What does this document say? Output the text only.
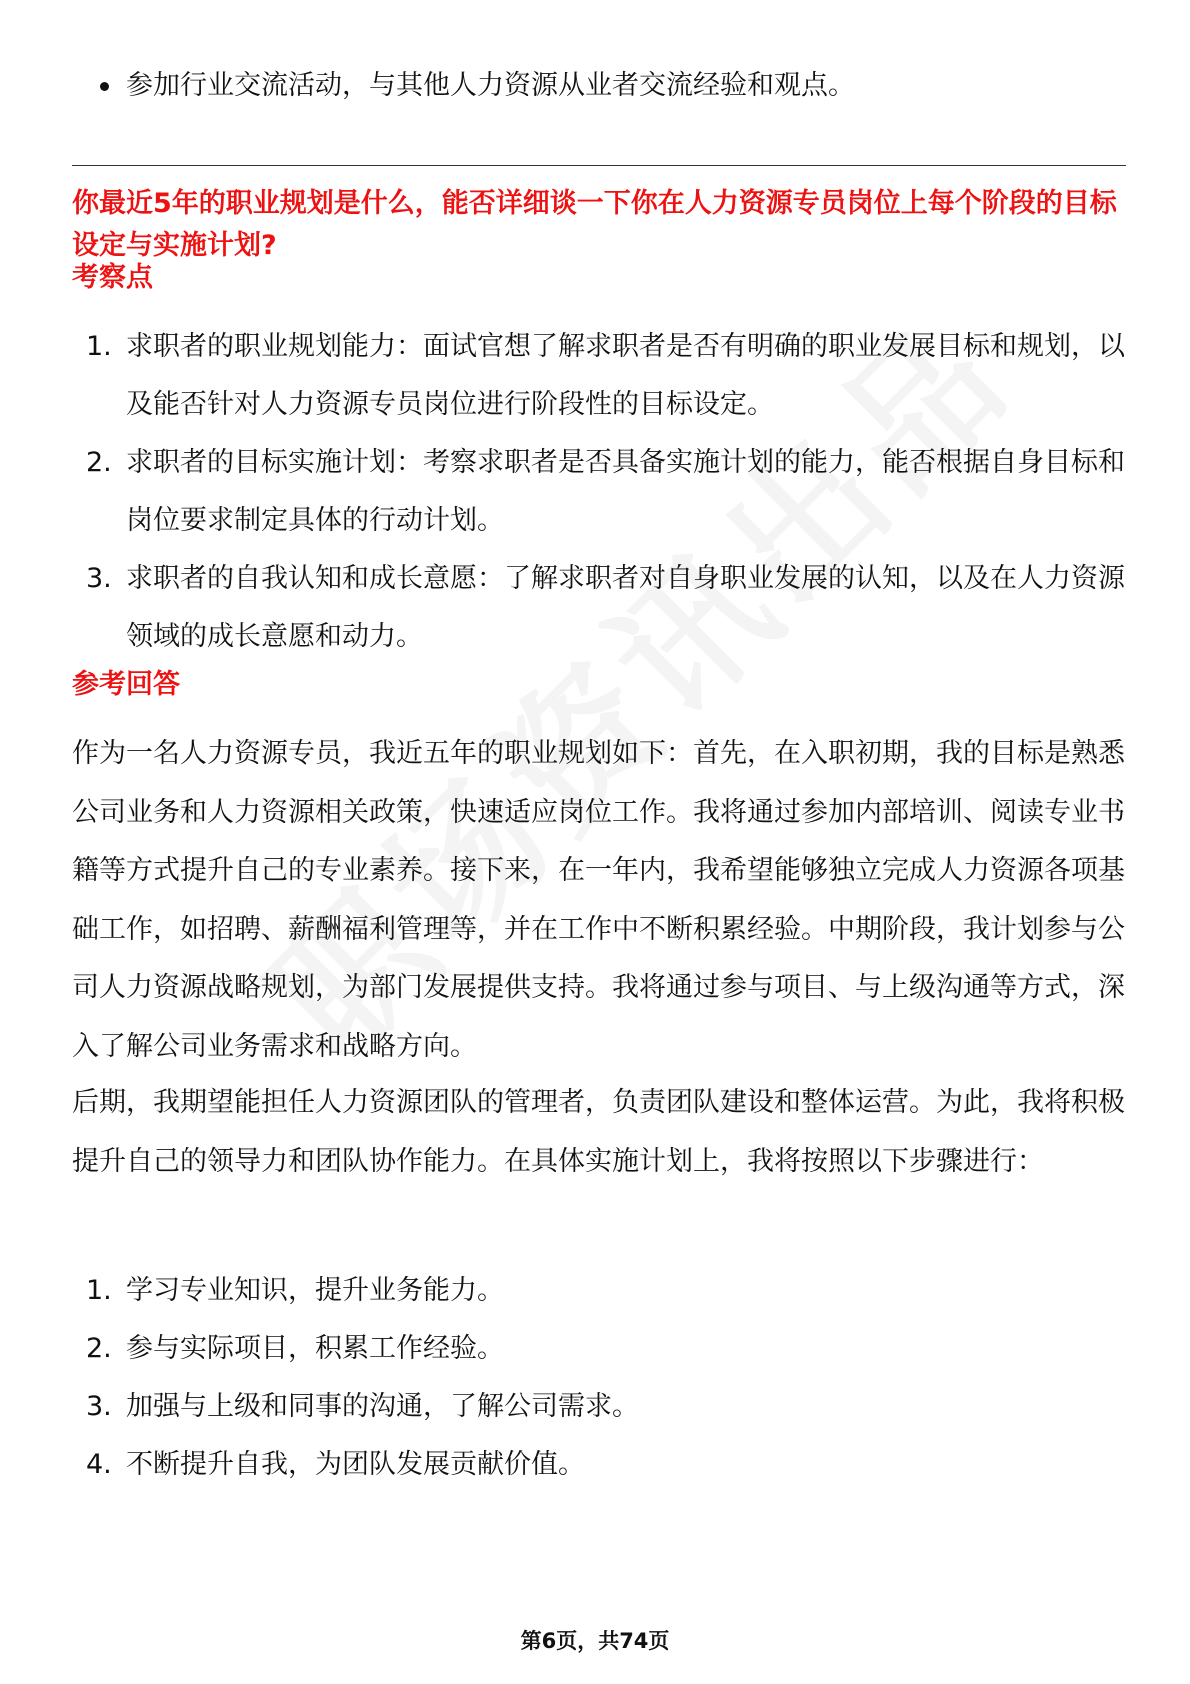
参加行业交流活动，与其他人力资源从业者交流经验和观点。
你最近5年的职业规划是什么，能否详细谈一下你在人力资源专员岗位上每个阶段的目标设定与实施计划?
考察点
1. 求职者的职业规划能力：面试官想了解求职者是否有明确的职业发展目标和规划，以及能否针对人力资源专员岗位进行阶段性的目标设定。
2. 求职者的目标实施计划：考察求职者是否具备实施计划的能力，能否根据自身目标和岗位要求制定具体的行动计划。
3. 求职者的自我认知和成长意愿：了解求职者对自身职业发展的认知，以及在人力资源领域的成长意愿和动力。
参考回答

作为一名人力资源专员，我近五年的职业规划如下：首先，在入职初期，我的目标是熟悉公司业务和人力资源相关政策，快速适应岗位工作。我将通过参加内部培训、阅读专业书籍等方式提升自己的专业素养。接下来，在一年内，我希望能够独立完成人力资源各项基础工作，如招聘、薪酬福利管理等，并在工作中不断积累经验。中期阶段，我计划参与公司人力资源战略规划，为部门发展提供支持。我将通过参与项目、与上级沟通等方式，深入了解公司业务需求和战略方向。

后期，我期望能担任人力资源团队的管理者，负责团队建设和整体运营。为此，我将积极提升自己的领导力和团队协作能力。在具体实施计划上，我将按照以下步骤进行：

1. 学习专业知识，提升业务能力。
2. 参与实际项目，积累工作经验。
3. 加强与上级和同事的沟通，了解公司需求。
4. 不断提升自我，为团队发展贡献价值。
第6页，共74页
